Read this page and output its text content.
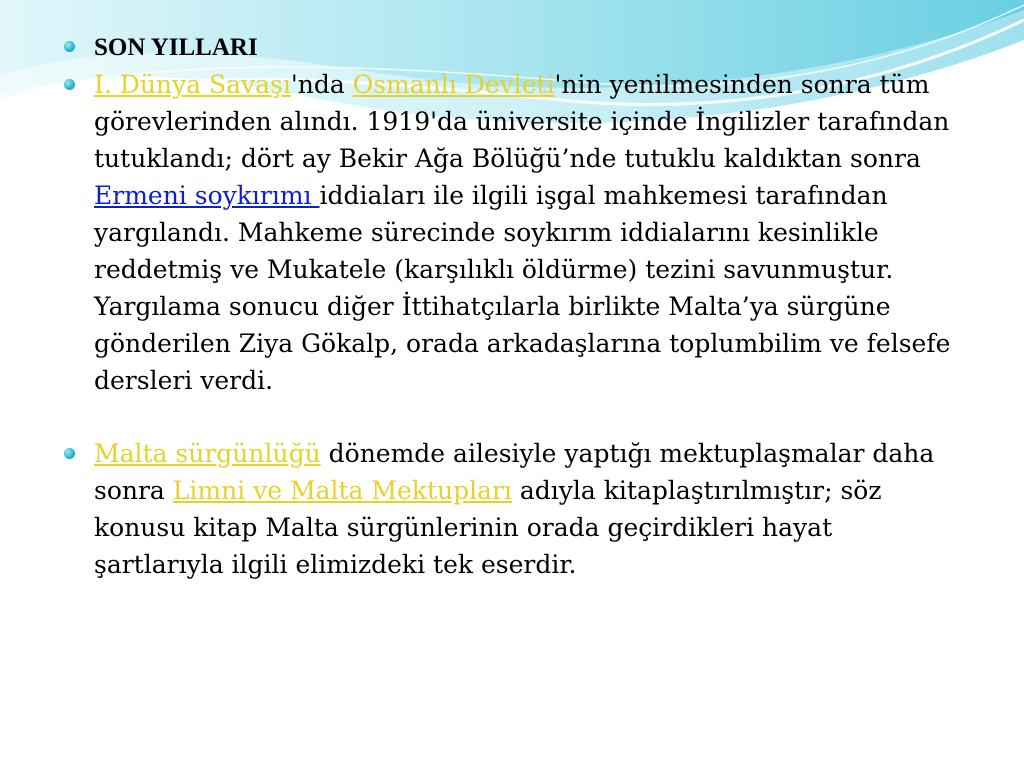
SON YILLARI

I. Dünya Savaşı'nda Osmanlı Devleti'nin yenilmesinden sonra tüm görevlerinden alındı. 1919'da üniversite içinde İngilizler tarafından tutuklandı; dört ay Bekir Ağa Bölüğü’nde tutuklu kaldıktan sonra Ermeni soykırımı iddiaları ile ilgili işgal mahkemesi tarafından yargılandı. Mahkeme sürecinde soykırım iddialarını kesinlikle reddetmiş ve Mukatele (karşılıklı öldürme) tezini savunmuştur. Yargılama sonucu diğer İttihatçılarla birlikte Malta’ya sürgüne gönderilen Ziya Gökalp, orada arkadaşlarına toplumbilim ve felsefe dersleri verdi.

Malta sürgünlüğü dönemde ailesiyle yaptığı mektuplaşmalar daha sonra Limni ve Malta Mektupları adıyla kitaplaştırılmıştır; söz konusu kitap Malta sürgünlerinin orada geçirdikleri hayat şartlarıyla ilgili elimizdeki tek eserdir.
